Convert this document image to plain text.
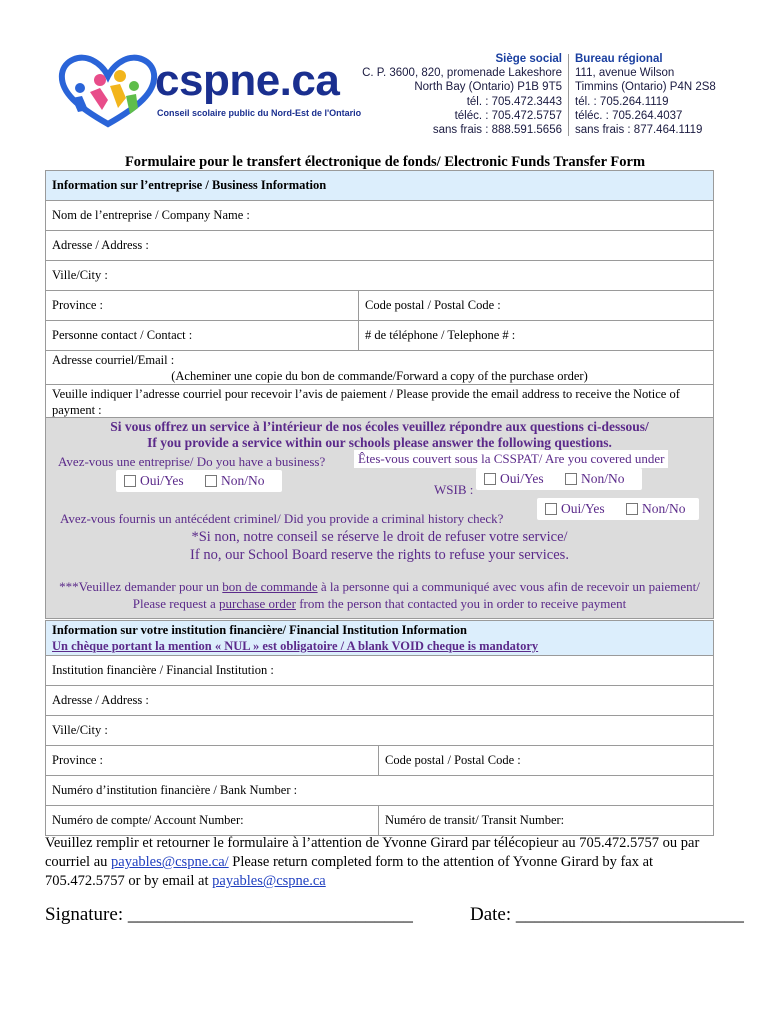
cspne.ca
Conseil scolaire public du Nord-Est de l'Ontario
Siège social
C. P. 3600, 820, promenade Lakeshore
North Bay (Ontario) P1B 9T5
tél. : 705.472.3443
téléc. : 705.472.5757
sans frais : 888.591.5656
Bureau régional
111, avenue Wilson
Timmins (Ontario) P4N 2S8
tél. : 705.264.1119
téléc. : 705.264.4037
sans frais : 877.464.1119
Formulaire pour le transfert électronique de fonds/ Electronic Funds Transfer Form
Information sur l’entreprise / Business Information	
Nom de l’entreprise / Company Name :	
Adresse / Address :	
Ville/City :	
Province :	Code postal / Postal Code :
Personne contact / Contact :	# de téléphone / Telephone # :

Adresse courriel/Email :
(Acheminer une copie du bon de commande/Forward a copy of the purchase order)	

Veuille indiquer l’adresse courriel pour recevoir l’avis de paiement / Please provide the email address to receive the Notice of payment :	
Si vous offrez un service à l’intérieur de nos écoles veuillez répondre aux questions ci-dessous/
If you provide a service within our schools please answer the following questions.
Avez-vous une entreprise/ Do you have a business?
Oui/Yes	Non/No
Êtes-vous couvert sous la CSSPAT/ Are you covered under
WSIB :
Oui/Yes	Non/No
Avez-vous fournis un antécédent criminel/ Did you provide a criminal history check?
Oui/Yes	Non/No
*Si non, notre conseil se réserve le droit de refuser votre service/
If no, our School Board reserve the rights to refuse your services.
***Veuillez demander pour un bon de commande à la personne qui a communiqué avec vous afin de recevoir un paiement/ Please request a purchase order from the person that contacted you in order to receive payment
Information sur votre institution financière/ Financial Institution Information
Un chèque portant la mention « NUL » est obligatoire / A blank VOID cheque is mandatory	

Institution financière / Financial Institution :	
Adresse / Address :	
Ville/City :	
Province :	Code postal / Postal Code :
Numéro d’institution financière / Bank Number :	
Numéro de compte/ Account Number:	Numéro de transit/ Transit Number:
Veuillez remplir et retourner le formulaire à l’attention de Yvonne Girard par télécopieur au 705.472.5757 ou par courriel au payables@cspne.ca/ Please return completed form to the attention of Yvonne Girard by fax at 705.472.5757 or by email at payables@cspne.ca
Signature: ______________________________	Date: ________________________
